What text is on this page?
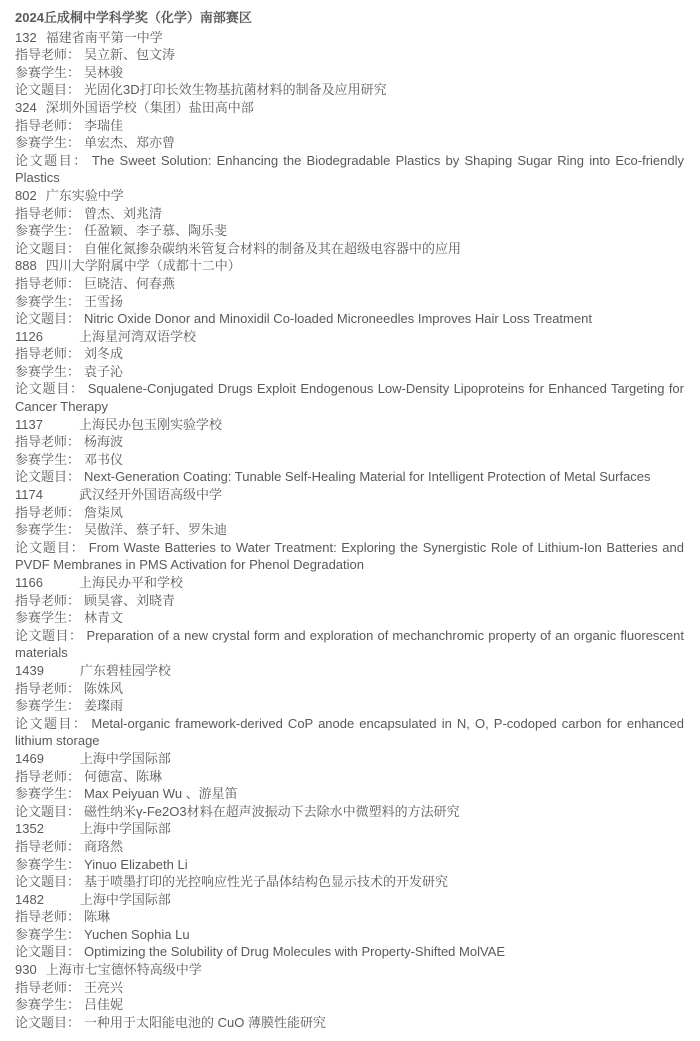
2024丘成桐中学科学奖（化学）南部赛区

132 福建省南平第一中学

指导老师： 吴立新、包文涛

参赛学生： 吴林骏

论文题目： 光固化3D打印长效生物基抗菌材料的制备及应用研究

324 深圳外国语学校（集团）盐田高中部

指导老师： 李瑞佳

参赛学生： 单宏杰、郑亦曾

论文题目： The Sweet Solution: Enhancing the Biodegradable Plastics by Shaping Sugar Ring into Eco-friendly Plastics

802 广东实验中学

指导老师： 曾杰、刘兆清

参赛学生： 任盈颖、李子慕、陶乐斐

论文题目： 自催化氮掺杂碳纳米管复合材料的制备及其在超级电容器中的应用

888 四川大学附属中学（成都十二中）

指导老师： 巨晓洁、何春燕

参赛学生： 王雪扬

论文题目： Nitric Oxide Donor and Minoxidil Co-loaded Microneedles Improves Hair Loss Treatment

1126	上海星河湾双语学校

指导老师： 刘冬成

参赛学生： 袁子沁

论文题目： Squalene-Conjugated Drugs Exploit Endogenous Low-Density Lipoproteins for Enhanced Targeting for Cancer Therapy

1137	上海民办包玉刚实验学校

指导老师： 杨海波

参赛学生： 邓书仪

论文题目： Next-Generation Coating: Tunable Self-Healing Material for Intelligent Protection of Metal Surfaces

1174	武汉经开外国语高级中学

指导老师： 詹柒凤

参赛学生： 吴傲洋、蔡子轩、罗朱迪

论文题目： From Waste Batteries to Water Treatment: Exploring the Synergistic Role of Lithium-Ion Batteries and PVDF Membranes in PMS Activation for Phenol Degradation

1166	上海民办平和学校

指导老师： 顾昊睿、刘晓青

参赛学生： 林青文

论文题目： Preparation of a new crystal form and exploration of mechanchromic property of an organic fluorescent materials

1439	广东碧桂园学校

指导老师： 陈姝风

参赛学生： 姜璨雨

论文题目： Metal-organic framework-derived CoP anode encapsulated in N, O, P-codoped carbon for enhanced lithium storage

1469	上海中学国际部

指导老师： 何德富、陈琳

参赛学生： Max Peiyuan Wu 、游星笛

论文题目： 磁性纳米γ-Fe2O3材料在超声波振动下去除水中微塑料的方法研究

1352	上海中学国际部

指导老师： 商珞然

参赛学生： Yinuo Elizabeth Li

论文题目： 基于喷墨打印的光控响应性光子晶体结构色显示技术的开发研究

1482	上海中学国际部

指导老师： 陈琳

参赛学生： Yuchen Sophia Lu

论文题目： Optimizing the Solubility of Drug Molecules with Property-Shifted MolVAE

930 上海市七宝德怀特高级中学

指导老师： 王亮兴

参赛学生： 吕佳妮

论文题目： 一种用于太阳能电池的 CuO 薄膜性能研究
